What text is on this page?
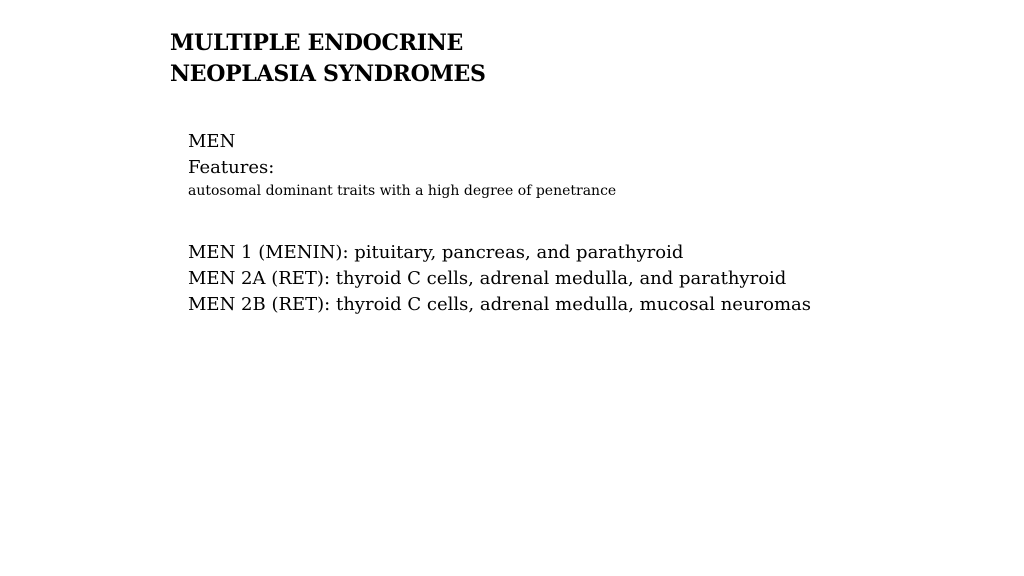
MULTIPLE ENDOCRINE
NEOPLASIA SYNDROMES
MEN
Features:
autosomal dominant traits with a high degree of penetrance
MEN 1 (MENIN): pituitary, pancreas, and parathyroid
MEN 2A (RET): thyroid C cells, adrenal medulla, and parathyroid
MEN 2B (RET): thyroid C cells, adrenal medulla, mucosal neuromas
